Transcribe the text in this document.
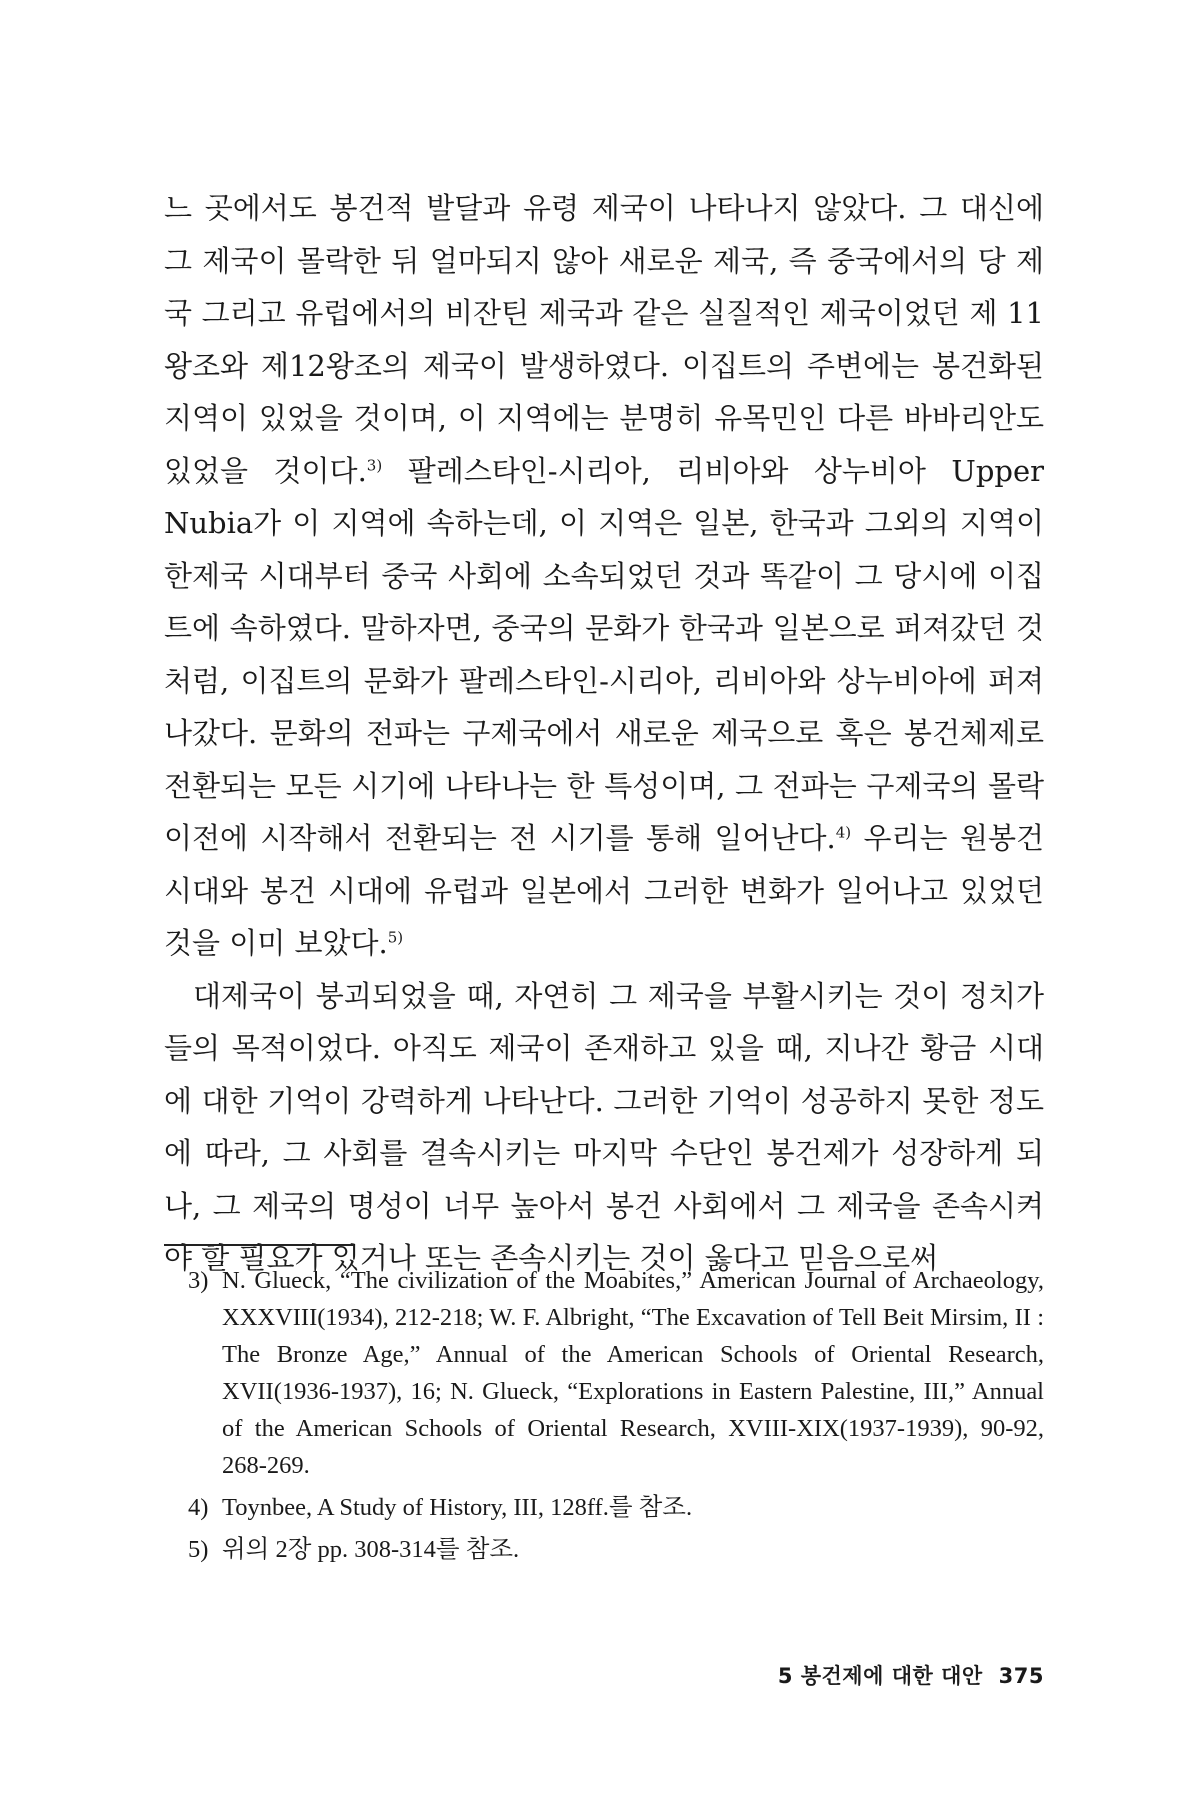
느 곳에서도 봉건적 발달과 유령 제국이 나타나지 않았다. 그 대신에 그 제국이 몰락한 뒤 얼마되지 않아 새로운 제국, 즉 중국에서의 당 제국 그리고 유럽에서의 비잔틴 제국과 같은 실질적인 제국이었던 제 11왕조와 제12왕조의 제국이 발생하였다. 이집트의 주변에는 봉건화된 지역이 있었을 것이며, 이 지역에는 분명히 유목민인 다른 바바리안도 있었을 것이다.$^{3)}$ 팔레스타인-시리아, 리비아와 상누비아 Upper Nubia가 이 지역에 속하는데, 이 지역은 일본, 한국과 그외의 지역이 한제국 시대부터 중국 사회에 소속되었던 것과 똑같이 그 당시에 이집트에 속하였다. 말하자면, 중국의 문화가 한국과 일본으로 퍼져갔던 것처럼, 이집트의 문화가 팔레스타인-시리아, 리비아와 상누비아에 퍼져 나갔다. 문화의 전파는 구제국에서 새로운 제국으로 혹은 봉건체제로 전환되는 모든 시기에 나타나는 한 특성이며, 그 전파는 구제국의 몰락 이전에 시작해서 전환되는 전 시기를 통해 일어난다.$^{4)}$ 우리는 원봉건 시대와 봉건 시대에 유럽과 일본에서 그러한 변화가 일어나고 있었던 것을 이미 보았다.$^{5)}$

대제국이 붕괴되었을 때, 자연히 그 제국을 부활시키는 것이 정치가들의 목적이었다. 아직도 제국이 존재하고 있을 때, 지나간 황금 시대에 대한 기억이 강력하게 나타난다. 그러한 기억이 성공하지 못한 정도에 따라, 그 사회를 결속시키는 마지막 수단인 봉건제가 성장하게 되나, 그 제국의 명성이 너무 높아서 봉건 사회에서 그 제국을 존속시켜야 할 필요가 있거나 또는 존속시키는 것이 옳다고 믿음으로써

3) N. Glueck, “The civilization of the Moabites,” American Journal of Archaeology, XXXVIII(1934), 212-218; W. F. Albright, “The Excavation of Tell Beit Mirsim, II : The Bronze Age,” Annual of the American Schools of Oriental Research, XVII(1936-1937), 16; N. Glueck, “Explorations in Eastern Palestine, III,” Annual of the American Schools of Oriental Research, XVIII-XIX(1937-1939), 90-92, 268-269.
4) Toynbee, A Study of History, III, 128ff.를 참조.
5) 위의 2장 pp. 308-314를 참조.
5 봉건제에 대한 대안 375
